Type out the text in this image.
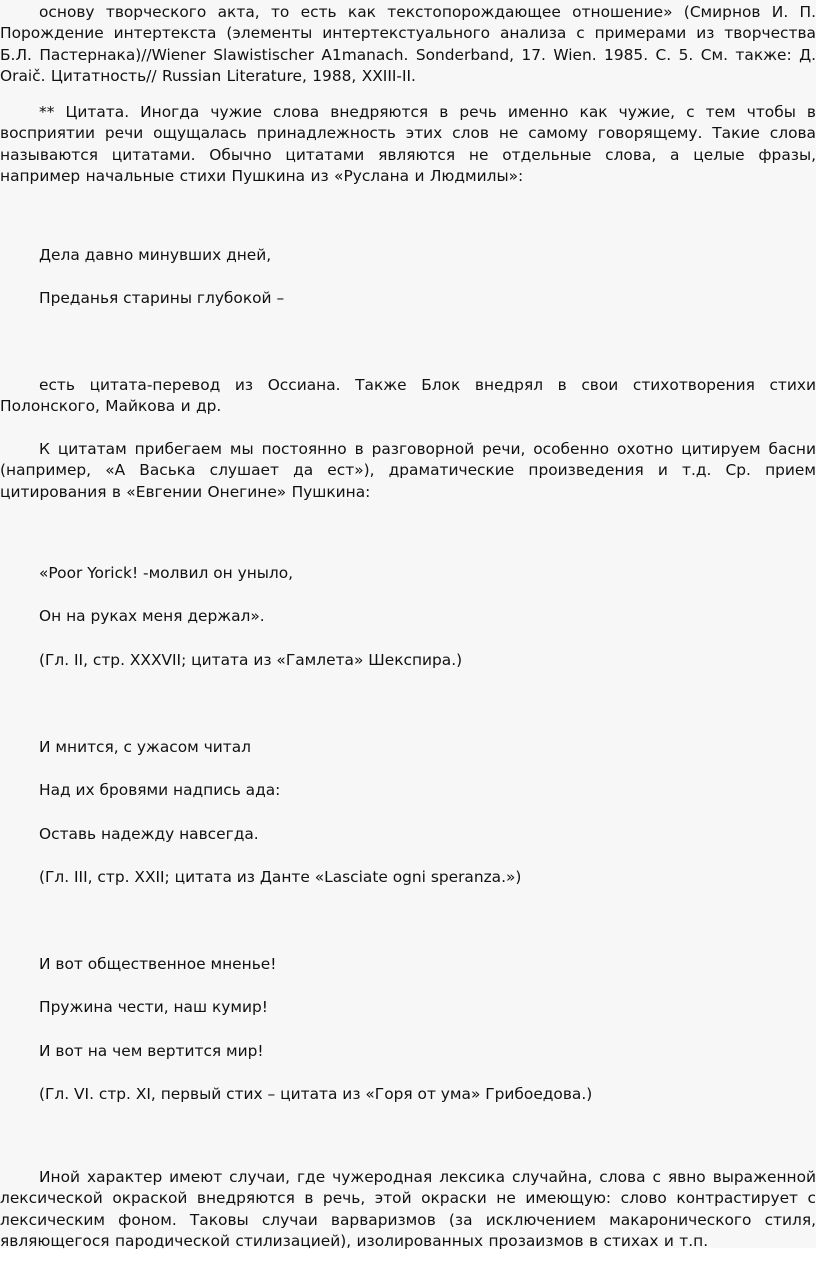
основу творческого акта, то есть как текстопорождающее отношение» (Смирнов И. П. Порождение интертекста (элементы интертекстуального анализа с примерами из творчества Б.Л. Пастернака)//Wiener Slawistischer A1manach. Sonderband, 17. Wien. 1985. С. 5. См. также: Д. Oraič. Цитатность// Russian Literature, 1988, XXIII-II.

** Цитата. Иногда чужие слова внедряются в речь именно как чужие, с тем чтобы в восприятии речи ощущалась принадлежность этих слов не самому говорящему. Такие слова называются цитатами. Обычно цитатами являются не отдельные слова, а целые фразы, например начальные стихи Пушкина из «Руслана и Людмилы»:

Дела давно минувших дней,

Преданья старины глубокой –

есть цитата-перевод из Оссиана. Также Блок внедрял в свои стихотворения стихи Полонского, Майкова и др.

К цитатам прибегаем мы постоянно в разговорной речи, особенно охотно цитируем басни (например, «А Васька слушает да ест»), драматические произведения и т.д. Ср. прием цитирования в «Евгении Онегине» Пушкина:

«Poor Yorick! -молвил он уныло,

Он на руках меня держал».

(Гл. II, стр. XXXVII; цитата из «Гамлета» Шекспира.)

И мнится, с ужасом читал

Над их бровями надпись ада:

Оставь надежду навсегда.

(Гл. III, стр. XXII; цитата из Данте «Lasciate ogni speranza.»)

И вот общественное мненье!

Пружина чести, наш кумир!

И вот на чем вертится мир!

(Гл. VI. стр. XI, первый стих – цитата из «Горя от ума» Грибоедова.)

Иной характер имеют случаи, где чужеродная лексика случайна, слова с явно выраженной лексической окраской внедряются в речь, этой окраски не имеющую: слово контрастирует с лексическим фоном. Таковы случаи варваризмов (за исключением макаронического стиля, являющегося пародической стилизацией), изолированных прозаизмов в стихах и т.п.
